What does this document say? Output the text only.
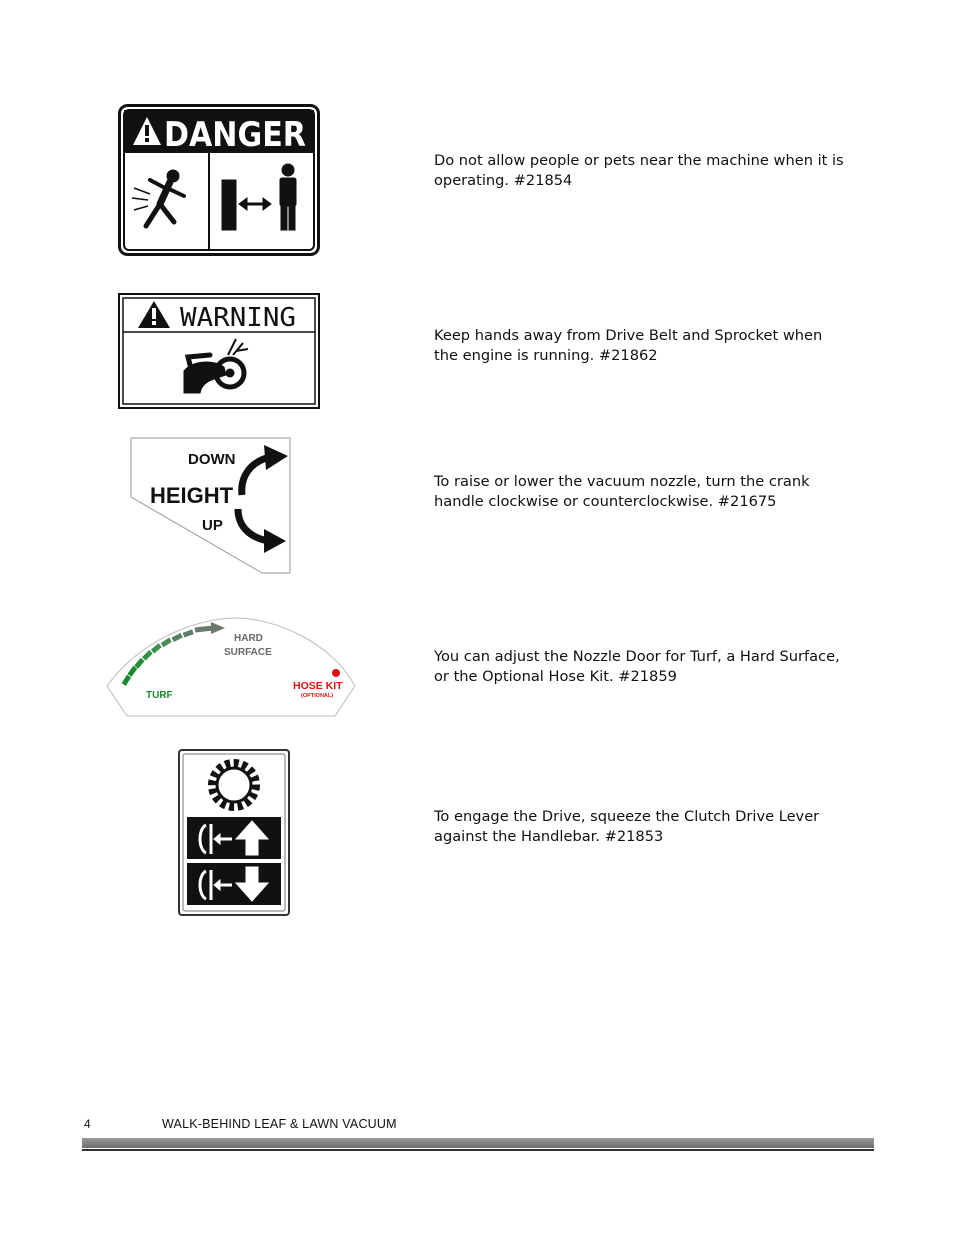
DANGER
Do not allow people or pets near the machine when it is operating. #21854
WARNING
Keep hands away from Drive Belt and Sprocket when the engine is running. #21862
DOWN
HEIGHT
UP
To raise or lower the vacuum nozzle, turn the crank handle clockwise or counterclockwise. #21675
HARD
SURFACE
TURF
HOSE KIT
(OPTIONAL)
You can adjust the Nozzle Door for Turf, a Hard Surface, or the Optional Hose Kit. #21859
To engage the Drive, squeeze the Clutch Drive Lever against the Handlebar. #21853
4	WALK-BEHIND LEAF & LAWN VACUUM
